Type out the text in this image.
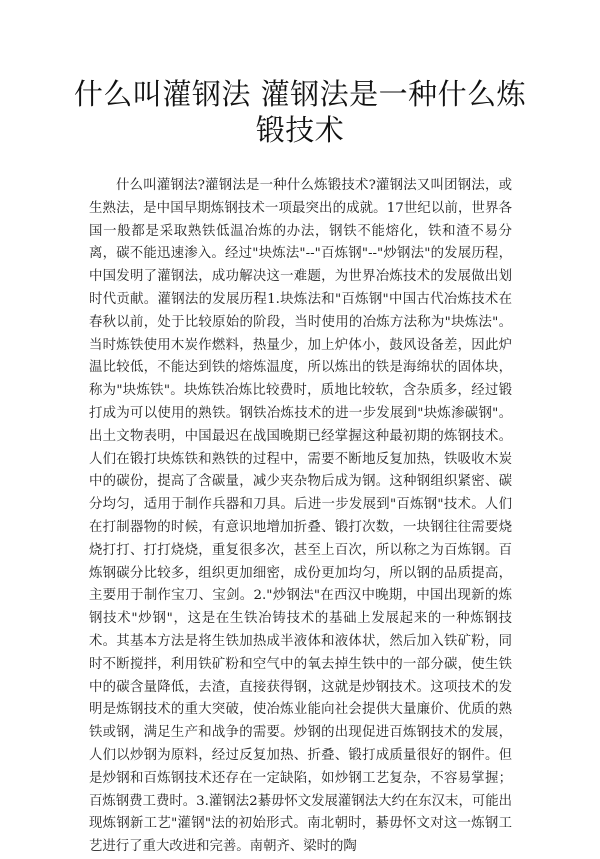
什么叫灌钢法 灌钢法是一种什么炼锻技术

什么叫灌钢法?灌钢法是一种什么炼锻技术?灌钢法又叫团钢法，或生熟法，是中国早期炼钢技术一项最突出的成就。17世纪以前，世界各国一般都是采取熟铁低温冶炼的办法，钢铁不能熔化，铁和渣不易分离，碳不能迅速渗入。经过"块炼法"--"百炼钢"--"炒钢法"的发展历程，中国发明了灌钢法，成功解决这一难题，为世界冶炼技术的发展做出划时代贡献。灌钢法的发展历程1.块炼法和"百炼钢"中国古代冶炼技术在春秋以前，处于比较原始的阶段，当时使用的冶炼方法称为"块炼法"。当时炼铁使用木炭作燃料，热量少，加上炉体小，鼓风设备差，因此炉温比较低，不能达到铁的熔炼温度，所以炼出的铁是海绵状的固体块，称为"块炼铁"。块炼铁冶炼比较费时，质地比较软，含杂质多，经过锻打成为可以使用的熟铁。钢铁冶炼技术的进一步发展到"块炼渗碳钢"。出土文物表明，中国最迟在战国晚期已经掌握这种最初期的炼钢技术。人们在锻打块炼铁和熟铁的过程中，需要不断地反复加热，铁吸收木炭中的碳份，提高了含碳量，减少夹杂物后成为钢。这种钢组织紧密、碳分均匀，适用于制作兵器和刀具。后进一步发展到"百炼钢"技术。人们在打制器物的时候，有意识地增加折叠、锻打次数，一块钢往往需要烧烧打打、打打烧烧，重复很多次，甚至上百次，所以称之为百炼钢。百炼钢碳分比较多，组织更加细密，成份更加均匀，所以钢的品质提高，主要用于制作宝刀、宝剑。2."炒钢法"在西汉中晚期，中国出现新的炼钢技术"炒钢"，这是在生铁冶铸技术的基础上发展起来的一种炼钢技术。其基本方法是将生铁加热成半液体和液体状，然后加入铁矿粉，同时不断搅拌，利用铁矿粉和空气中的氧去掉生铁中的一部分碳，使生铁中的碳含量降低，去渣，直接获得钢，这就是炒钢技术。这项技术的发明是炼钢技术的重大突破，使冶炼业能向社会提供大量廉价、优质的熟铁或钢，满足生产和战争的需要。炒钢的出现促进百炼钢技术的发展，人们以炒钢为原料，经过反复加热、折叠、锻打成质量很好的钢件。但是炒钢和百炼钢技术还存在一定缺陷，如炒钢工艺复杂，不容易掌握；百炼钢费工费时。3.灌钢法2綦毋怀文发展灌钢法大约在东汉末，可能出现炼钢新工艺"灌钢"法的初始形式。南北朝时，綦毋怀文对这一炼钢工艺进行了重大改进和完善。南朝齐、梁时的陶
